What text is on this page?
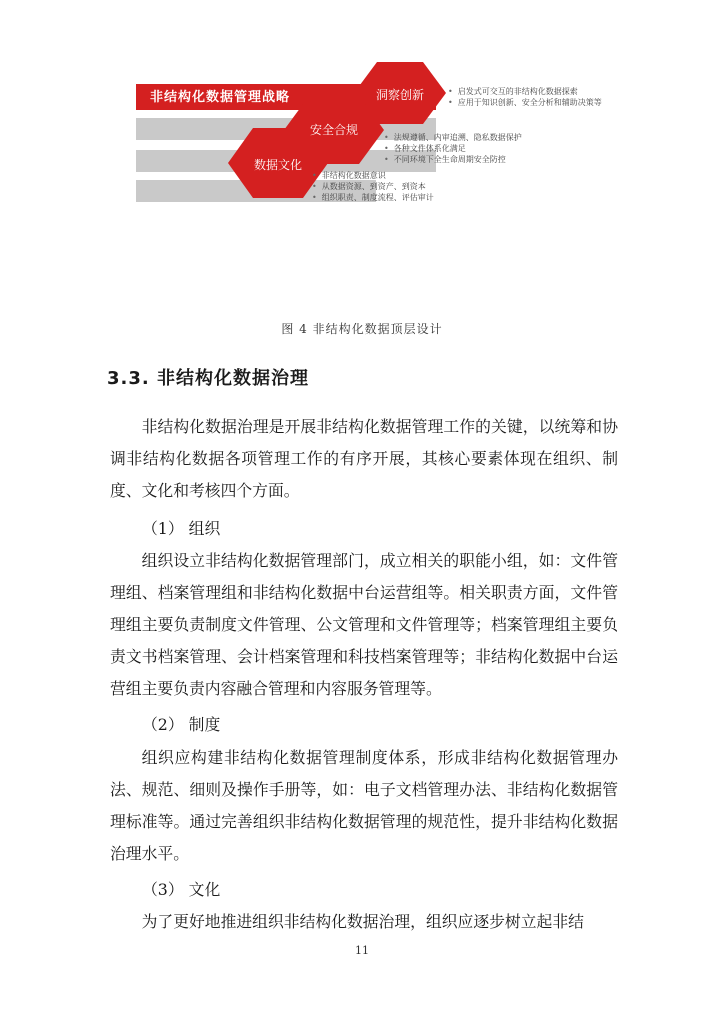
非结构化数据管理战略	洞察创新
安全合规
数据文化
• 启发式可交互的非结构化数据探索
• 应用于知识创新、安全分析和辅助决策等
• 法规遵循、内审追溯、隐私数据保护
• 各种文件体系化满足
• 不同环境下全生命周期安全防控
• 非结构化数据意识
• 从数据资源、到资产、到资本
• 组织职责、制度流程、评估审计
图 4 非结构化数据顶层设计
3.3. 非结构化数据治理

非结构化数据治理是开展非结构化数据管理工作的关键，以统筹和协调非结构化数据各项管理工作的有序开展，其核心要素体现在组织、制度、文化和考核四个方面。

（1） 组织

组织设立非结构化数据管理部门，成立相关的职能小组，如：文件管理组、档案管理组和非结构化数据中台运营组等。相关职责方面，文件管理组主要负责制度文件管理、公文管理和文件管理等；档案管理组主要负责文书档案管理、会计档案管理和科技档案管理等；非结构化数据中台运营组主要负责内容融合管理和内容服务管理等。

（2） 制度

组织应构建非结构化数据管理制度体系，形成非结构化数据管理办法、规范、细则及操作手册等，如：电子文档管理办法、非结构化数据管理标准等。通过完善组织非结构化数据管理的规范性，提升非结构化数据治理水平。

（3） 文化

为了更好地推进组织非结构化数据治理，组织应逐步树立起非结

11
